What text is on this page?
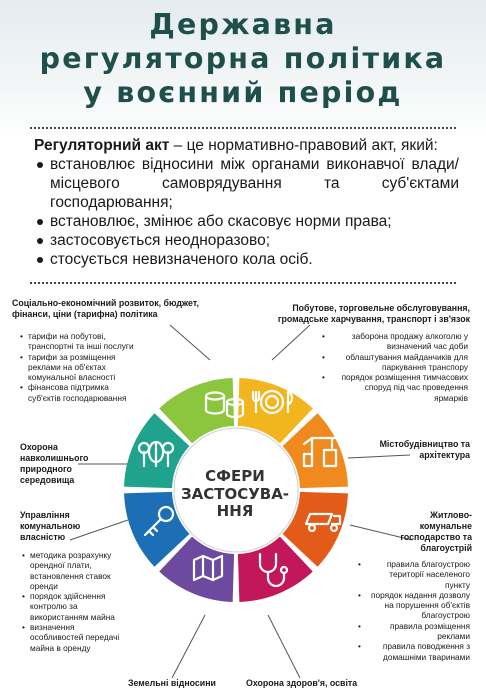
Державна
регуляторна політика
у воєнний період
Регуляторний акт – це нормативно-правовий акт, який:
встановлює відносини між органами виконавчої влади/місцевого самоврядування та суб'єктами господарювання;
встановлює, змінює або скасовує норми права;
застосовується неодноразово;
стосується невизначеного кола осіб.
СФЕРИ
ЗАСТОСУВА-
ННЯ
Соціально-економічний розвиток, бюджет, фінанси, ціни (тарифна) політика
• тарифи на побутові, транспортні та інші послуги
• тарифи за розміщення реклами на об'єктах комунальної власності
• фінансова підтримка суб'єктів господарювання
Побутове, торговельне обслуговування, громадське харчування, транспорт і зв'язок
• заборона продажу алкоголю у визначений час доби
• облаштування майданчиків для паркування транспору
• порядок розміщення тимчасових споруд під час проведення ярмарків
Охорона навколишнього природного середовища
Містобудівництво та архітектура
Управління комунальною власністю
• методика розрахунку орендної плати, встановлення ставок оренди
• порядок здійснення контролю за використанням майна
• визначення особливостей передачі майна в оренду
Житлово-комунальне господарство та благоустрій
• правила благоустрою території населеного пункту
• порядок надання дозволу на порушення об'єктів благоустрою
• правила розміщення реклами
• правила поводження з домашніми тваринами
Земельні відносини	Охорона здоров'я, освіта
